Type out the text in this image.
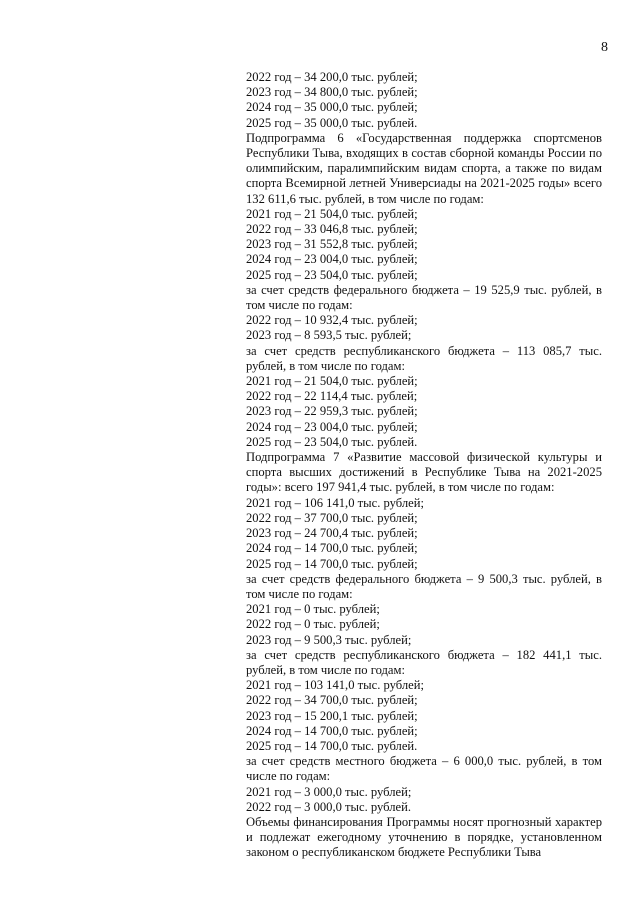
8
2022 год – 34 200,0 тыс. рублей;
2023 год – 34 800,0 тыс. рублей;
2024 год – 35 000,0 тыс. рублей;
2025 год – 35 000,0 тыс. рублей.
Подпрограмма 6 «Государственная поддержка спортсменов Республики Тыва, входящих в состав сборной команды России по олимпийским, паралимпийским видам спорта, а также по видам спорта Всемирной летней Универсиады на 2021-2025 годы» всего 132 611,6 тыс. рублей, в том числе по годам:
2021 год – 21 504,0 тыс. рублей;
2022 год – 33 046,8 тыс. рублей;
2023 год – 31 552,8 тыс. рублей;
2024 год – 23 004,0 тыс. рублей;
2025 год – 23 504,0 тыс. рублей;
за счет средств федерального бюджета – 19 525,9 тыс. рублей, в том числе по годам:
2022 год – 10 932,4 тыс. рублей;
2023 год – 8 593,5 тыс. рублей;
за счет средств республиканского бюджета – 113 085,7 тыс. рублей, в том числе по годам:
2021 год – 21 504,0 тыс. рублей;
2022 год – 22 114,4 тыс. рублей;
2023 год – 22 959,3 тыс. рублей;
2024 год – 23 004,0 тыс. рублей;
2025 год – 23 504,0 тыс. рублей.
Подпрограмма 7 «Развитие массовой физической культуры и спорта высших достижений в Республике Тыва на 2021-2025 годы»: всего 197 941,4 тыс. рублей, в том числе по годам:
2021 год – 106 141,0 тыс. рублей;
2022 год – 37 700,0 тыс. рублей;
2023 год – 24 700,4 тыс. рублей;
2024 год – 14 700,0 тыс. рублей;
2025 год – 14 700,0 тыс. рублей;
за счет средств федерального бюджета – 9 500,3 тыс. рублей, в том числе по годам:
2021 год – 0 тыс. рублей;
2022 год – 0 тыс. рублей;
2023 год – 9 500,3 тыс. рублей;
за счет средств республиканского бюджета – 182 441,1 тыс. рублей, в том числе по годам:
2021 год – 103 141,0 тыс. рублей;
2022 год – 34 700,0 тыс. рублей;
2023 год – 15 200,1 тыс. рублей;
2024 год – 14 700,0 тыс. рублей;
2025 год – 14 700,0 тыс. рублей.
за счет средств местного бюджета – 6 000,0 тыс. рублей, в том числе по годам:
2021 год – 3 000,0 тыс. рублей;
2022 год – 3 000,0 тыс. рублей.
Объемы финансирования Программы носят прогнозный характер и подлежат ежегодному уточнению в порядке, установленном законом о республиканском бюджете Республики Тыва
